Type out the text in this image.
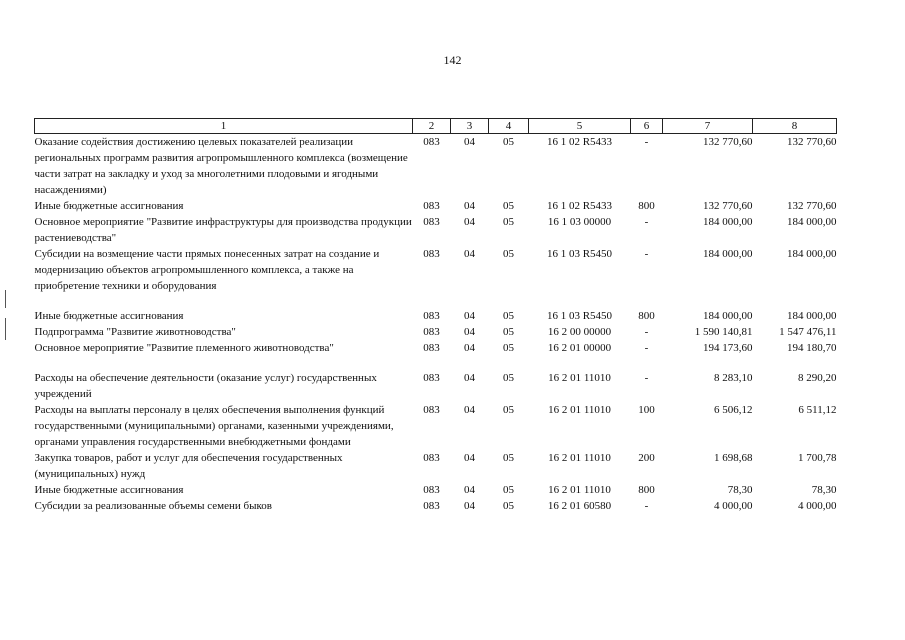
142
1	2	3	4	5	6	7	8
Оказание содействия достижению целевых показателей реализации региональных программ развития агропромышленного комплекса (возмещение части затрат на закладку и уход за многолетними плодовыми и ягодными насаждениями)	083	04	05	16 1 02 R5433	-	132 770,60	132 770,60
Иные бюджетные ассигнования	083	04	05	16 1 02 R5433	800	132 770,60	132 770,60
Основное мероприятие "Развитие инфраструктуры для производства продукции растениеводства"	083	04	05	16 1 03 00000	-	184 000,00	184 000,00
Субсидии на возмещение части прямых понесенных затрат на создание и модернизацию объектов агропромышленного комплекса, а также на приобретение техники и оборудования	083	04	05	16 1 03 R5450	-	184 000,00	184 000,00

Иные бюджетные ассигнования	083	04	05	16 1 03 R5450	800	184 000,00	184 000,00
Подпрограмма "Развитие животноводства"	083	04	05	16 2 00 00000	-	1 590 140,81	1 547 476,11
Основное мероприятие "Развитие племенного животноводства"	083	04	05	16 2 01 00000	-	194 173,60	194 180,70

Расходы на обеспечение деятельности (оказание услуг) государственных учреждений	083	04	05	16 2 01 11010	-	8 283,10	8 290,20
Расходы на выплаты персоналу в целях обеспечения выполнения функций государственными (муниципальными) органами, казенными учреждениями, органами управления государственными внебюджетными фондами	083	04	05	16 2 01 11010	100	6 506,12	6 511,12
Закупка товаров, работ и услуг для обеспечения государственных (муниципальных) нужд	083	04	05	16 2 01 11010	200	1 698,68	1 700,78
Иные бюджетные ассигнования	083	04	05	16 2 01 11010	800	78,30	78,30
Субсидии за реализованные объемы семени быков	083	04	05	16 2 01 60580	-	4 000,00	4 000,00
